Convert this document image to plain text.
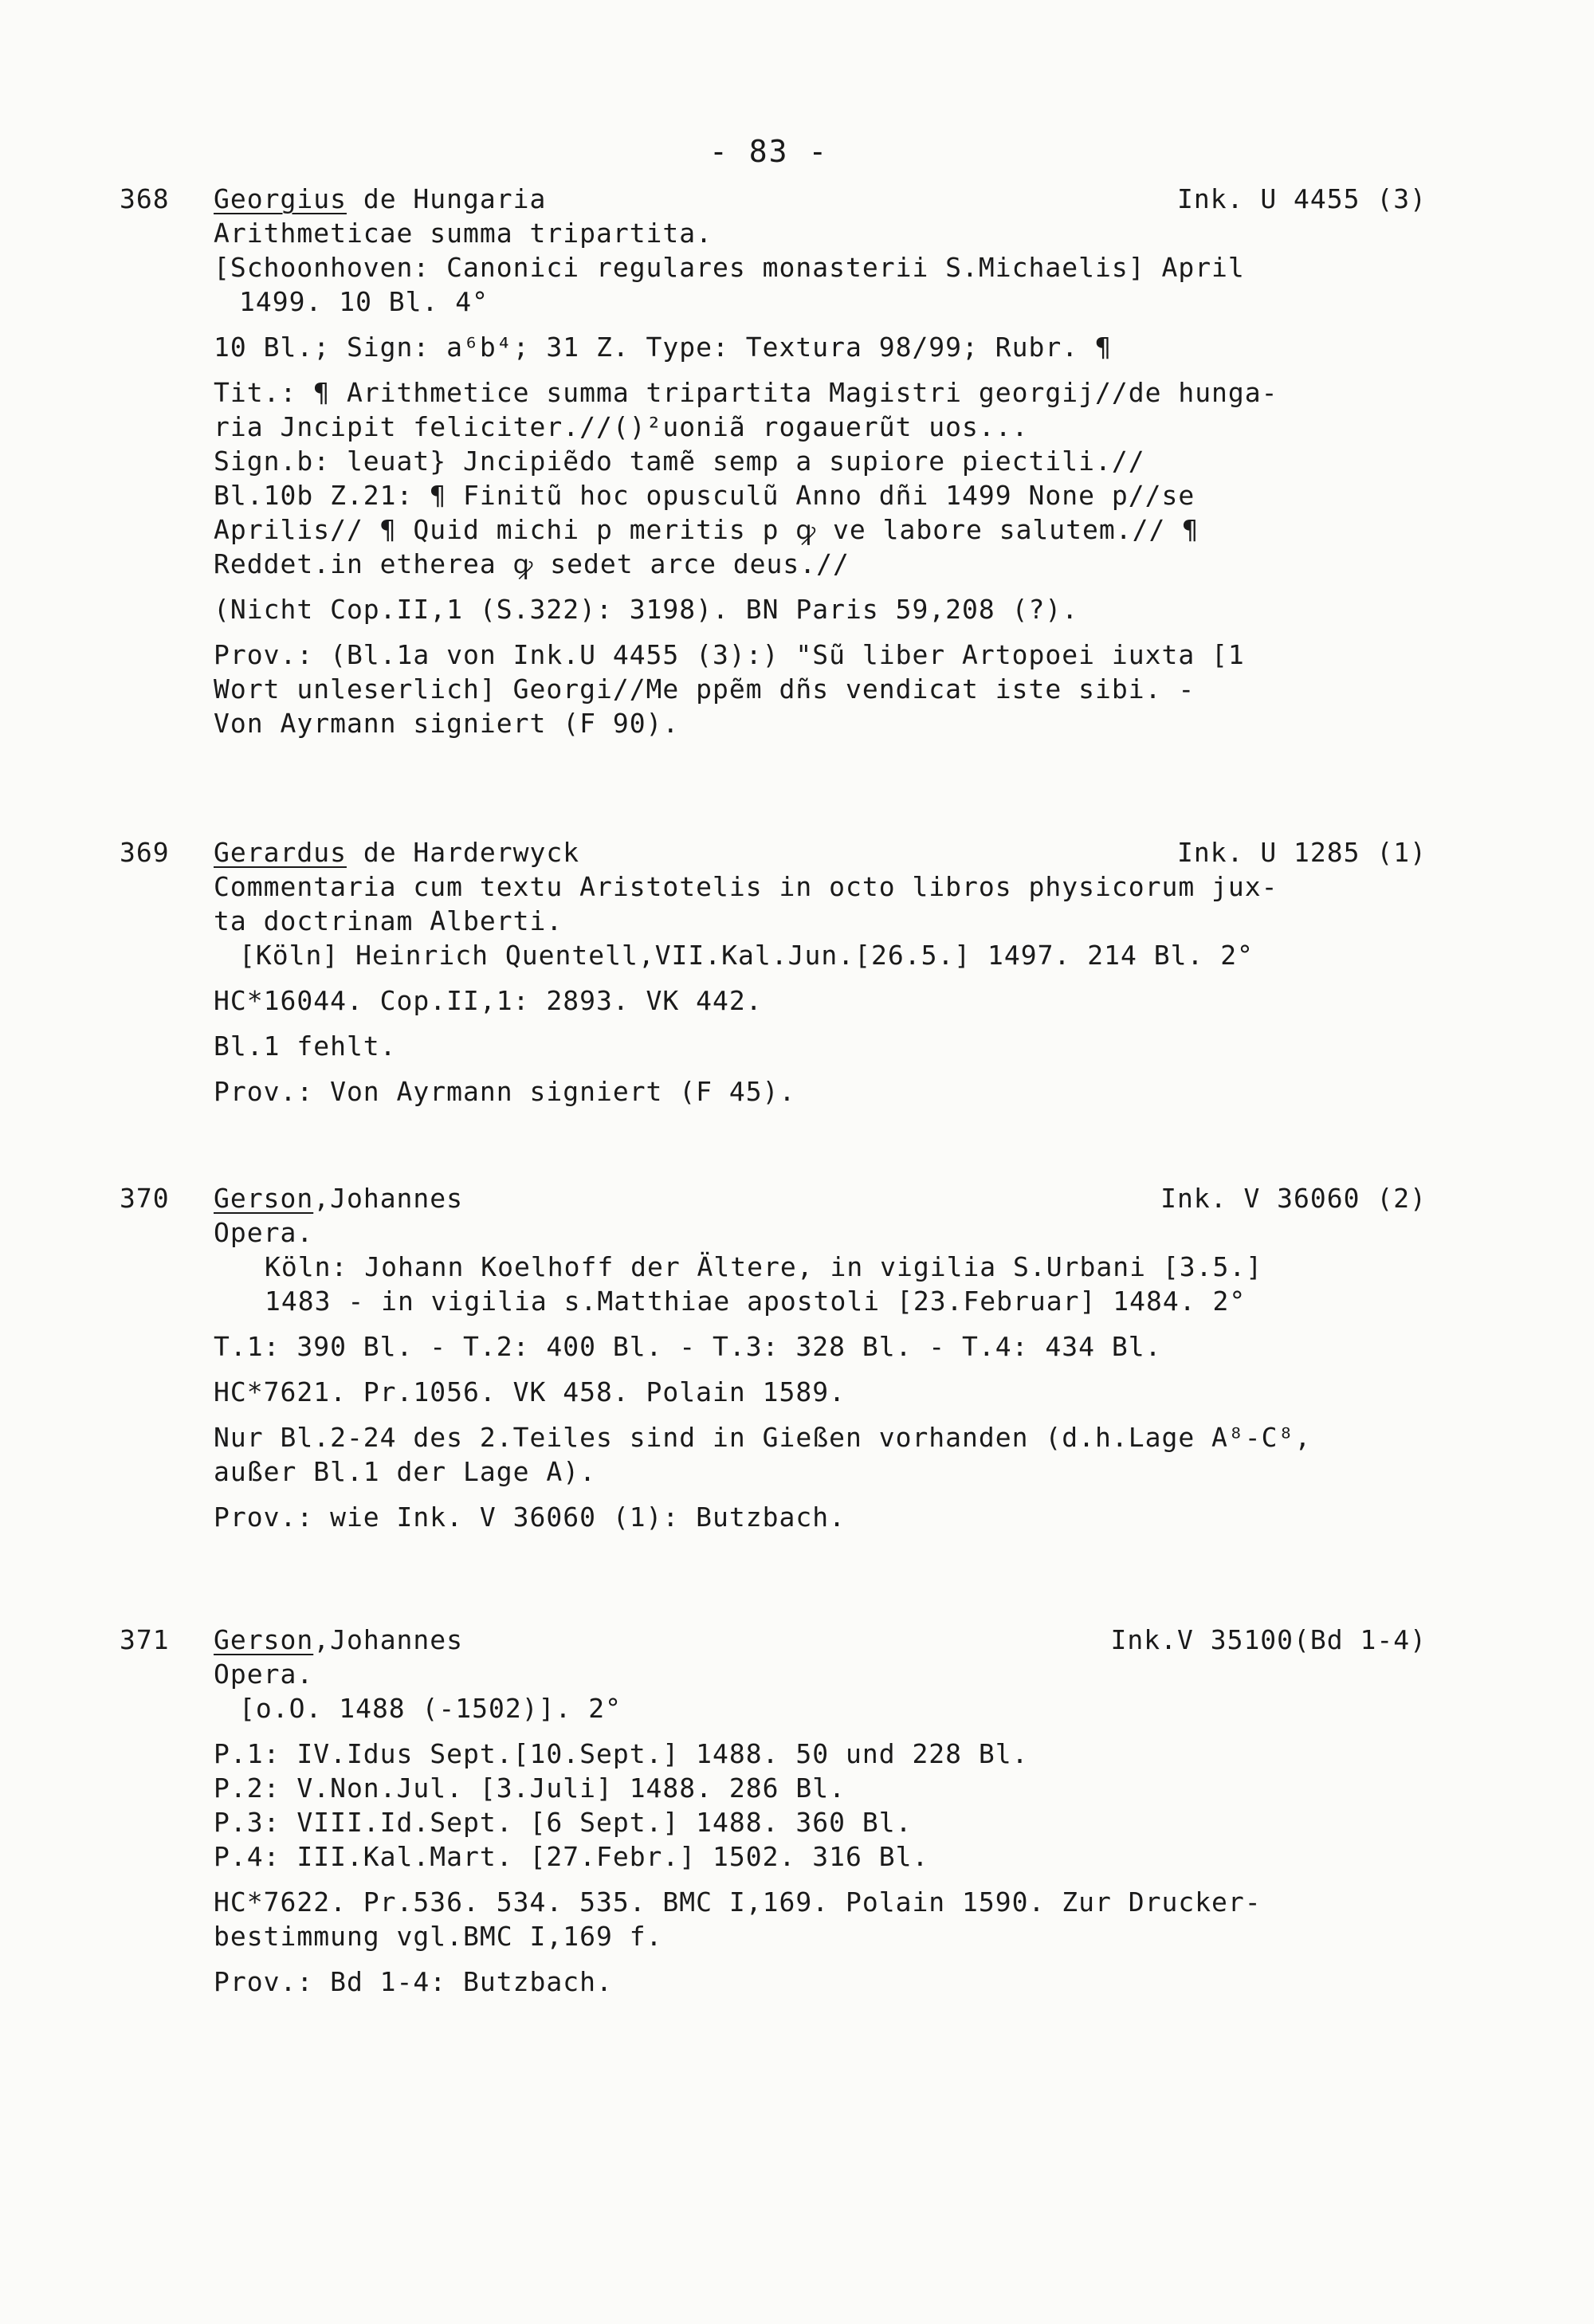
- 83 -
368	Georgius de Hungaria	Ink. U 4455 (3)
Arithmeticae summa tripartita.
[Schoonhoven: Canonici regulares monasterii S.Michaelis] April
1499. 10 Bl. 4°
10 Bl.; Sign: a⁶b⁴; 31 Z. Type: Textura 98/99; Rubr. ¶
Tit.: ¶ Arithmetice summa tripartita Magistri georgij//de hunga-
ria Jncipit feliciter.//()²uoniã rogauerũt uos...
Sign.b: leuat} Jncipiẽdo tamẽ semp a supiore piectili.//
Bl.10b Z.21: ¶ Finitũ hoc opusculũ Anno dñi 1499 None p//se
Aprilis// ¶ Quid michi p meritis p ꝙ ve labore salutem.// ¶
Reddet.in etherea ꝙ sedet arce deus.//
(Nicht Cop.II,1 (S.322): 3198). BN Paris 59,208 (?).
Prov.: (Bl.1a von Ink.U 4455 (3):) "Sũ liber Artopoei iuxta [1
Wort unleserlich] Georgi//Me ppẽm dñs vendicat iste sibi. -
Von Ayrmann signiert (F 90).
369	Gerardus de Harderwyck	Ink. U 1285 (1)
Commentaria cum textu Aristotelis in octo libros physicorum jux-
ta doctrinam Alberti.
[Köln] Heinrich Quentell,VII.Kal.Jun.[26.5.] 1497. 214 Bl. 2°
HC*16044. Cop.II,1: 2893. VK 442.
Bl.1 fehlt.
Prov.: Von Ayrmann signiert (F 45).
370	Gerson,Johannes	Ink. V 36060 (2)
Opera.
Köln: Johann Koelhoff der Ältere, in vigilia S.Urbani [3.5.]
1483 - in vigilia s.Matthiae apostoli [23.Februar] 1484. 2°
T.1: 390 Bl. - T.2: 400 Bl. - T.3: 328 Bl. - T.4: 434 Bl.
HC*7621. Pr.1056. VK 458. Polain 1589.
Nur Bl.2-24 des 2.Teiles sind in Gießen vorhanden (d.h.Lage A⁸-C⁸,
außer Bl.1 der Lage A).
Prov.: wie Ink. V 36060 (1): Butzbach.
371	Gerson,Johannes	Ink.V 35100(Bd 1-4)
Opera.
[o.O. 1488 (-1502)]. 2°
P.1: IV.Idus Sept.[10.Sept.] 1488. 50 und 228 Bl.
P.2: V.Non.Jul. [3.Juli] 1488. 286 Bl.
P.3: VIII.Id.Sept. [6 Sept.] 1488. 360 Bl.
P.4: III.Kal.Mart. [27.Febr.] 1502. 316 Bl.
HC*7622. Pr.536. 534. 535. BMC I,169. Polain 1590. Zur Drucker-
bestimmung vgl.BMC I,169 f.
Prov.: Bd 1-4: Butzbach.
